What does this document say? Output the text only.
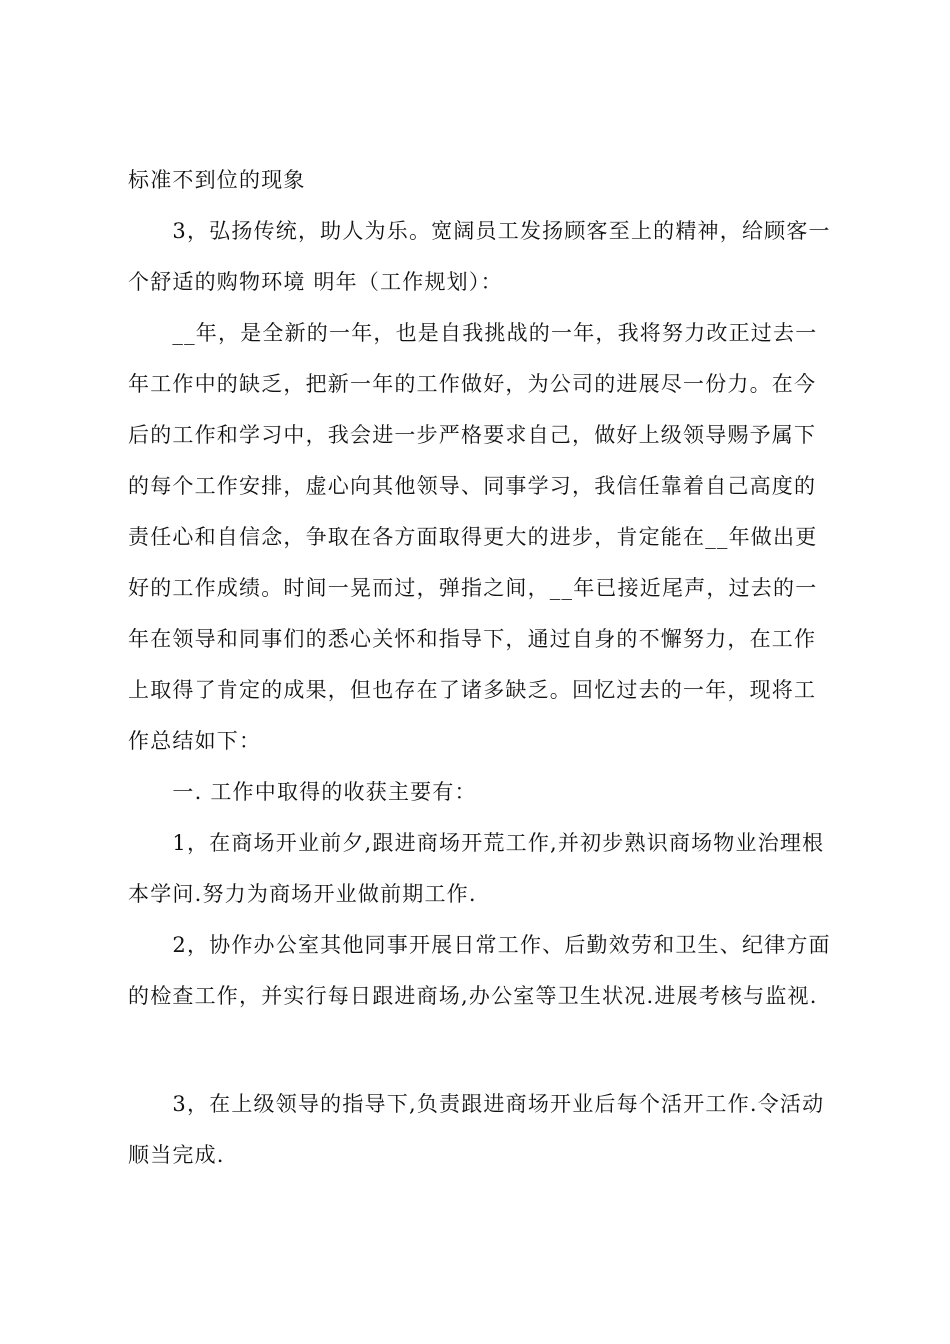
标准不到位的现象

　　3，弘扬传统，助人为乐。宽阔员工发扬顾客至上的精神，给顾客一

个舒适的购物环境 明年（工作规划）：

　　__年，是全新的一年，也是自我挑战的一年，我将努力改正过去一

年工作中的缺乏，把新一年的工作做好，为公司的进展尽一份力。在今

后的工作和学习中，我会进一步严格要求自己，做好上级领导赐予属下

的每个工作安排，虚心向其他领导、同事学习，我信任靠着自己高度的

责任心和自信念，争取在各方面取得更大的进步，肯定能在__年做出更

好的工作成绩。时间一晃而过，弹指之间，__年已接近尾声，过去的一

年在领导和同事们的悉心关怀和指导下，通过自身的不懈努力，在工作

上取得了肯定的成果，但也存在了诸多缺乏。回忆过去的一年，现将工

作总结如下：

　　一. 工作中取得的收获主要有：

　　1，在商场开业前夕,跟进商场开荒工作,并初步熟识商场物业治理根

本学问.努力为商场开业做前期工作.

　　2，协作办公室其他同事开展日常工作、后勤效劳和卫生、纪律方面

的检查工作，并实行每日跟进商场,办公室等卫生状况.进展考核与监视.

　　3，在上级领导的指导下,负责跟进商场开业后每个活开工作.令活动

顺当完成.
